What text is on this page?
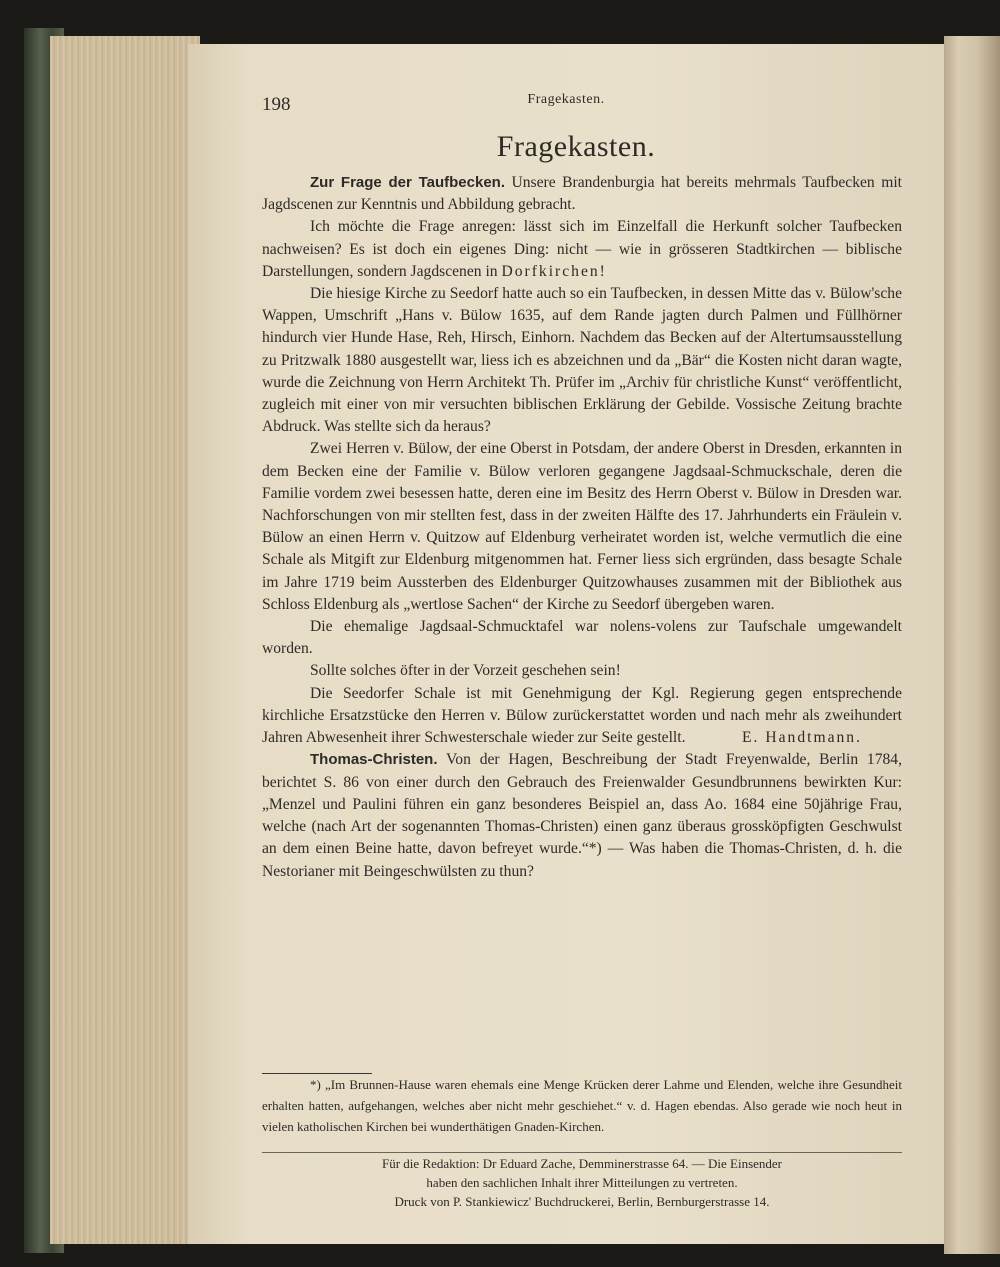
198	Fragekasten.
Fragekasten.

Zur Frage der Taufbecken. Unsere Brandenburgia hat bereits mehrmals Taufbecken mit Jagdscenen zur Kenntnis und Abbildung gebracht.

Ich möchte die Frage anregen: lässt sich im Einzelfall die Herkunft solcher Taufbecken nachweisen? Es ist doch ein eigenes Ding: nicht — wie in grösseren Stadtkirchen — biblische Darstellungen, sondern Jagdscenen in Dorfkirchen!

Die hiesige Kirche zu Seedorf hatte auch so ein Taufbecken, in dessen Mitte das v. Bülow'sche Wappen, Umschrift „Hans v. Bülow 1635, auf dem Rande jagten durch Palmen und Füllhörner hindurch vier Hunde Hase, Reh, Hirsch, Einhorn. Nachdem das Becken auf der Altertumsausstellung zu Pritzwalk 1880 ausgestellt war, liess ich es abzeichnen und da „Bär“ die Kosten nicht daran wagte, wurde die Zeichnung von Herrn Architekt Th. Prüfer im „Archiv für christliche Kunst“ veröffentlicht, zugleich mit einer von mir versuchten biblischen Erklärung der Gebilde. Vossische Zeitung brachte Abdruck. Was stellte sich da heraus?

Zwei Herren v. Bülow, der eine Oberst in Potsdam, der andere Oberst in Dresden, erkannten in dem Becken eine der Familie v. Bülow verloren gegangene Jagdsaal-Schmuckschale, deren die Familie vordem zwei besessen hatte, deren eine im Besitz des Herrn Oberst v. Bülow in Dresden war. Nachforschungen von mir stellten fest, dass in der zweiten Hälfte des 17. Jahrhunderts ein Fräulein v. Bülow an einen Herrn v. Quitzow auf Eldenburg verheiratet worden ist, welche vermutlich die eine Schale als Mitgift zur Eldenburg mitgenommen hat. Ferner liess sich ergründen, dass besagte Schale im Jahre 1719 beim Aussterben des Eldenburger Quitzowhauses zusammen mit der Bibliothek aus Schloss Eldenburg als „wertlose Sachen“ der Kirche zu Seedorf übergeben waren.

Die ehemalige Jagdsaal-Schmucktafel war nolens-volens zur Taufschale umgewandelt worden.

Sollte solches öfter in der Vorzeit geschehen sein!

Die Seedorfer Schale ist mit Genehmigung der Kgl. Regierung gegen entsprechende kirchliche Ersatzstücke den Herren v. Bülow zurückerstattet worden und nach mehr als zweihundert Jahren Abwesenheit ihrer Schwesterschale wieder zur Seite gestellt.	E. Handtmann.

Thomas-Christen. Von der Hagen, Beschreibung der Stadt Freyenwalde, Berlin 1784, berichtet S. 86 von einer durch den Gebrauch des Freienwalder Gesundbrunnens bewirkten Kur: „Menzel und Paulini führen ein ganz besonderes Beispiel an, dass Ao. 1684 eine 50jährige Frau, welche (nach Art der sogenannten Thomas-Christen) einen ganz überaus grossköpfigten Geschwulst an dem einen Beine hatte, davon befreyet wurde.“*) — Was haben die Thomas-Christen, d. h. die Nestorianer mit Beingeschwülsten zu thun?

*) „Im Brunnen-Hause waren ehemals eine Menge Krücken derer Lahme und Elenden, welche ihre Gesundheit erhalten hatten, aufgehangen, welches aber nicht mehr geschiehet.“ v. d. Hagen ebendas. Also gerade wie noch heut in vielen katholischen Kirchen bei wunderthätigen Gnaden-Kirchen.

Für die Redaktion: Dr Eduard Zache, Demminerstrasse 64. — Die Einsender
haben den sachlichen Inhalt ihrer Mitteilungen zu vertreten.
Druck von P. Stankiewicz' Buchdruckerei, Berlin, Bernburgerstrasse 14.
